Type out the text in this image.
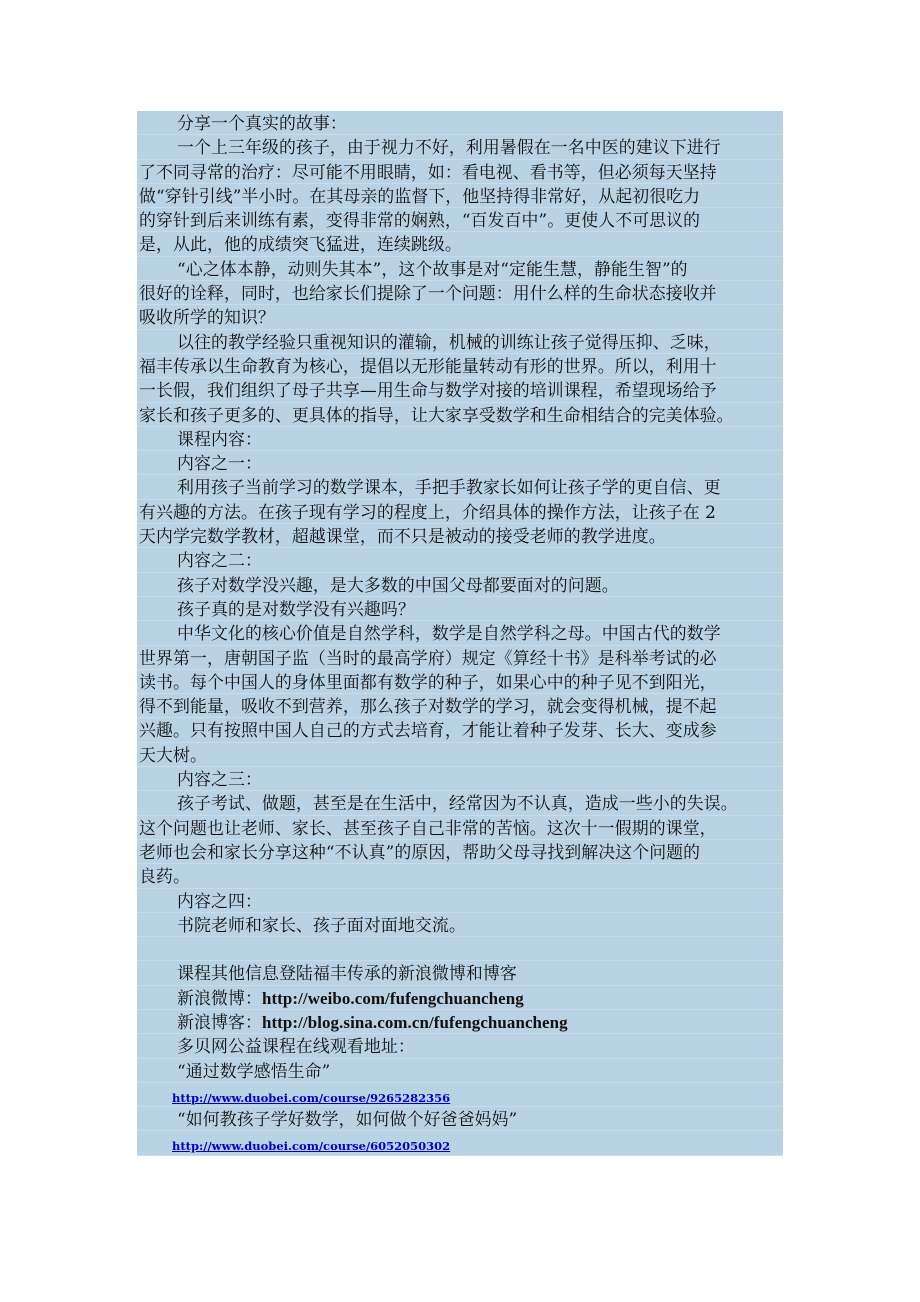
分享一个真实的故事：
一个上三年级的孩子，由于视力不好，利用暑假在一名中医的建议下进行
了不同寻常的治疗：尽可能不用眼睛，如：看电视、看书等，但必须每天坚持
做“穿针引线”半小时。在其母亲的监督下，他坚持得非常好，从起初很吃力
的穿针到后来训练有素，变得非常的娴熟，“百发百中”。更使人不可思议的
是，从此，他的成绩突飞猛进，连续跳级。
“心之体本静，动则失其本”，这个故事是对“定能生慧，静能生智”的
很好的诠释，同时，也给家长们提除了一个问题：用什么样的生命状态接收并
吸收所学的知识？
以往的教学经验只重视知识的灌输，机械的训练让孩子觉得压抑、乏味，
福丰传承以生命教育为核心，提倡以无形能量转动有形的世界。所以，利用十
一长假，我们组织了母子共享—用生命与数学对接的培训课程，希望现场给予
家长和孩子更多的、更具体的指导，让大家享受数学和生命相结合的完美体验。
课程内容：
内容之一：
利用孩子当前学习的数学课本，手把手教家长如何让孩子学的更自信、更
有兴趣的方法。在孩子现有学习的程度上，介绍具体的操作方法，让孩子在 2
天内学完数学教材，超越课堂，而不只是被动的接受老师的教学进度。
内容之二：
孩子对数学没兴趣，是大多数的中国父母都要面对的问题。
孩子真的是对数学没有兴趣吗？
中华文化的核心价值是自然学科，数学是自然学科之母。中国古代的数学
世界第一，唐朝国子监（当时的最高学府）规定《算经十书》是科举考试的必
读书。每个中国人的身体里面都有数学的种子，如果心中的种子见不到阳光，
得不到能量，吸收不到营养，那么孩子对数学的学习，就会变得机械，提不起
兴趣。只有按照中国人自己的方式去培育，才能让着种子发芽、长大、变成参
天大树。
内容之三：
孩子考试、做题，甚至是在生活中，经常因为不认真，造成一些小的失误。
这个问题也让老师、家长、甚至孩子自己非常的苦恼。这次十一假期的课堂，
老师也会和家长分享这种“不认真”的原因，帮助父母寻找到解决这个问题的
良药。
内容之四：
书院老师和家长、孩子面对面地交流。
课程其他信息登陆福丰传承的新浪微博和博客
新浪微博：http://weibo.com/fufengchuancheng
新浪博客：http://blog.sina.com.cn/fufengchuancheng
多贝网公益课程在线观看地址：
“通过数学感悟生命”
http://www.duobei.com/course/9265282356
“如何教孩子学好数学，如何做个好爸爸妈妈”
http://www.duobei.com/course/6052050302
